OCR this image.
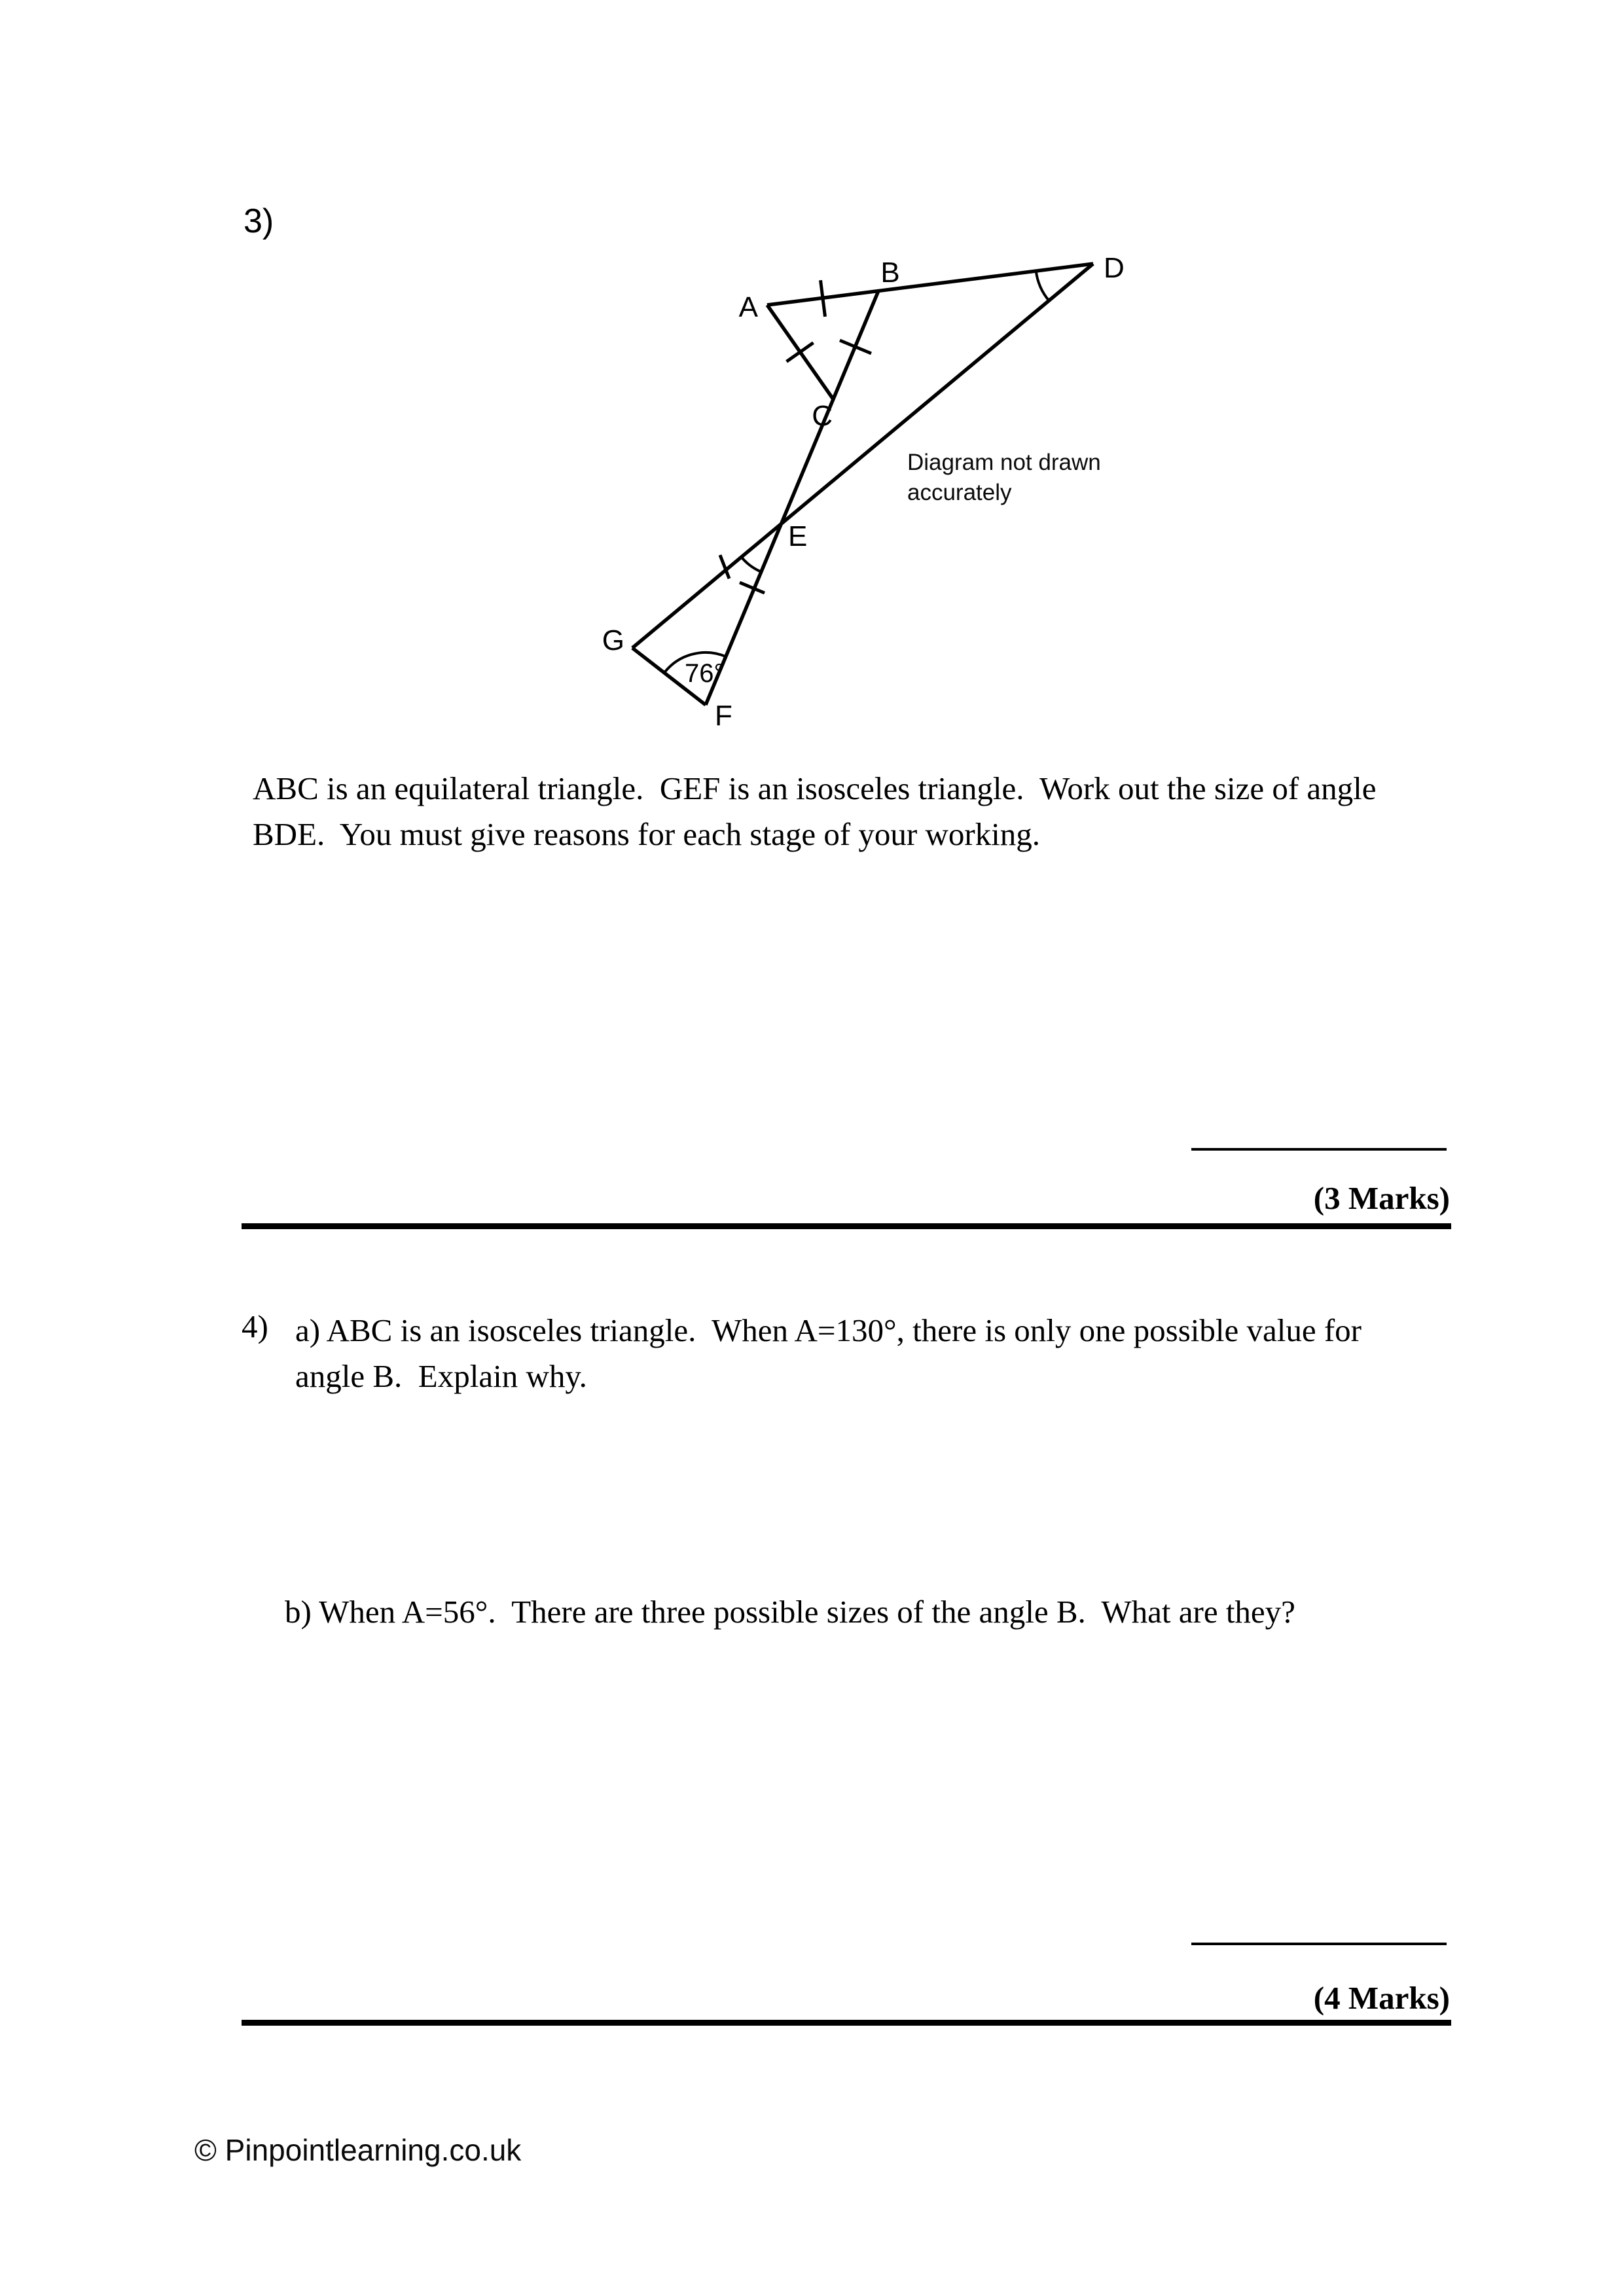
3)
A
B
C
D
E
F
G
76°
Diagram not drawn
accurately
ABC is an equilateral triangle.  GEF is an isosceles triangle.  Work out the size of angle BDE.  You must give reasons for each stage of your working.
(3 Marks)
4) a) ABC is an isosceles triangle.  When A=130°, there is only one possible value for angle B.  Explain why.
b) When A=56°.  There are three possible sizes of the angle B.  What are they?
(4 Marks)
© Pinpointlearning.co.uk
